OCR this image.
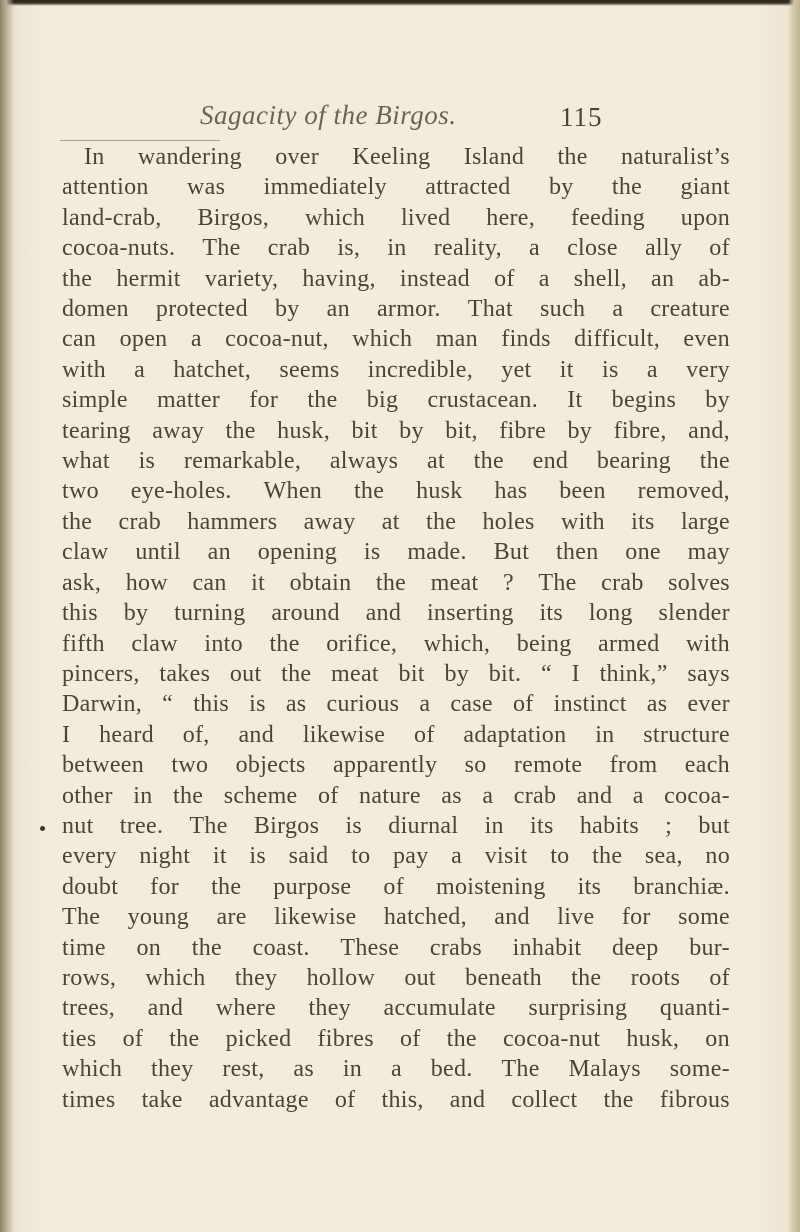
Sagacity of the Birgos.	115
In wandering over Keeling Island the naturalist’s
attention was immediately attracted by the giant
land-crab, Birgos, which lived here, feeding upon
cocoa-nuts. The crab is, in reality, a close ally of
the hermit variety, having, instead of a shell, an ab-
domen protected by an armor. That such a creature
can open a cocoa-nut, which man finds difficult, even
with a hatchet, seems incredible, yet it is a very
simple matter for the big crustacean. It begins by
tearing away the husk, bit by bit, fibre by fibre, and,
what is remarkable, always at the end bearing the
two eye-holes. When the husk has been removed,
the crab hammers away at the holes with its large
claw until an opening is made. But then one may
ask, how can it obtain the meat ? The crab solves
this by turning around and inserting its long slender
fifth claw into the orifice, which, being armed with
pincers, takes out the meat bit by bit. “ I think,” says
Darwin, “ this is as curious a case of instinct as ever
I heard of, and likewise of adaptation in structure
between two objects apparently so remote from each
other in the scheme of nature as a crab and a cocoa-
nut tree. The Birgos is diurnal in its habits ; but
every night it is said to pay a visit to the sea, no
doubt for the purpose of moistening its branchiæ.
The young are likewise hatched, and live for some
time on the coast. These crabs inhabit deep bur-
rows, which they hollow out beneath the roots of
trees, and where they accumulate surprising quanti-
ties of the picked fibres of the cocoa-nut husk, on
which they rest, as in a bed. The Malays some-
times take advantage of this, and collect the fibrous
